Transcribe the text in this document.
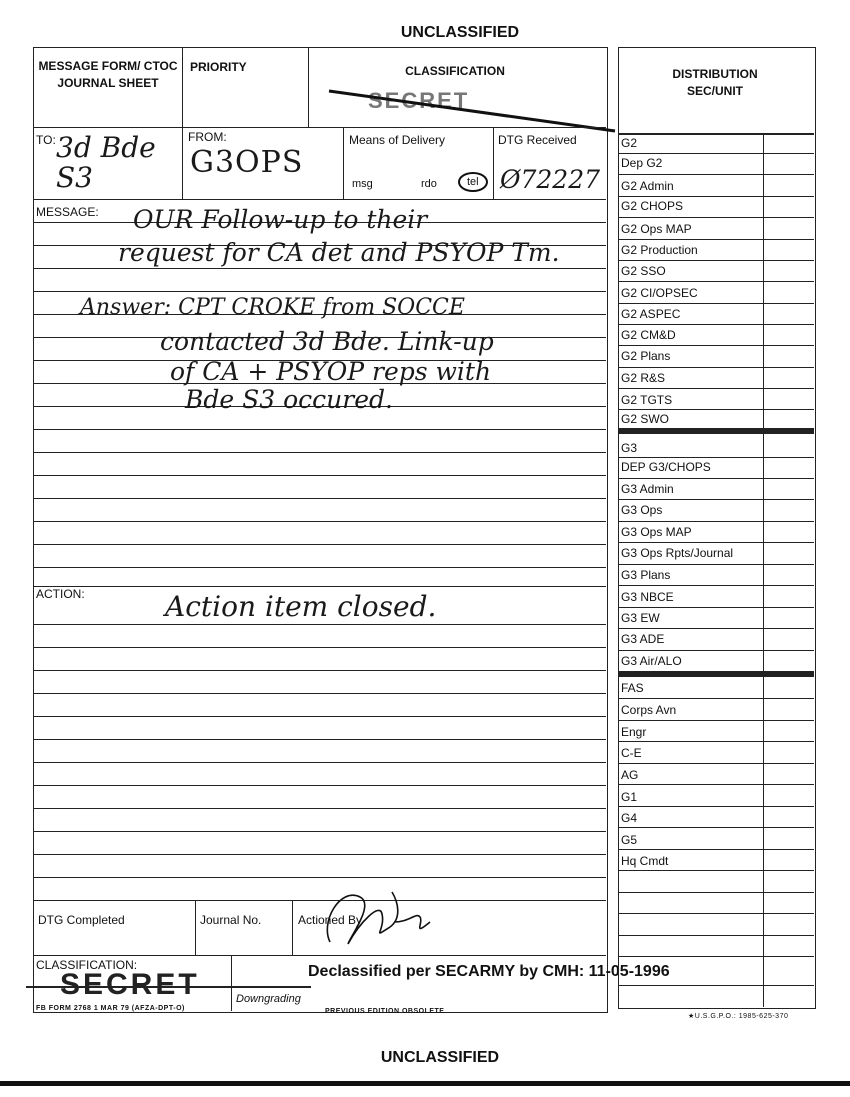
UNCLASSIFIED
MESSAGE FORM/ CTOC JOURNAL SHEET
PRIORITY	CLASSIFICATION
SECRET
TO: 3d Bde S3
FROM:
G3OPS
Means of Delivery
msg	rdo	tel
DTG Received
Ø72227
MESSAGE: OUR Follow-up to their
request for CA det and PSYOP Tm.
Answer: CPT CROKE from SOCCE
contacted 3d Bde. Link-up
of CA + PSYOP reps with
Bde S3 occured.
ACTION:	Action item closed.
DTG Completed	Journal No.	Actioned By
CLASSIFICATION:
SECRET	Downgrading
Declassified per SECARMY by CMH: 11-05-1996
FB FORM 2768 1 MAR 79 (AFZA-DPT-O)	PREVIOUS EDITION OBSOLETE
DISTRIBUTION SEC/UNIT
G2
Dep G2
G2 Admin
G2 CHOPS
G2 Ops MAP
G2 Production
G2 SSO
G2 CI/OPSEC
G2 ASPEC
G2 CM&D
G2 Plans
G2 R&S
G2 TGTS
G2 SWO
G3
DEP G3/CHOPS
G3 Admin
G3 Ops
G3 Ops MAP
G3 Ops Rpts/Journal
G3 Plans
G3 NBCE
G3 EW
G3 ADE
G3 Air/ALO
FAS
Corps Avn
Engr
C-E
AG
G1
G4
G5
Hq Cmdt
★U.S.G.P.O.: 1985-625-370
UNCLASSIFIED
